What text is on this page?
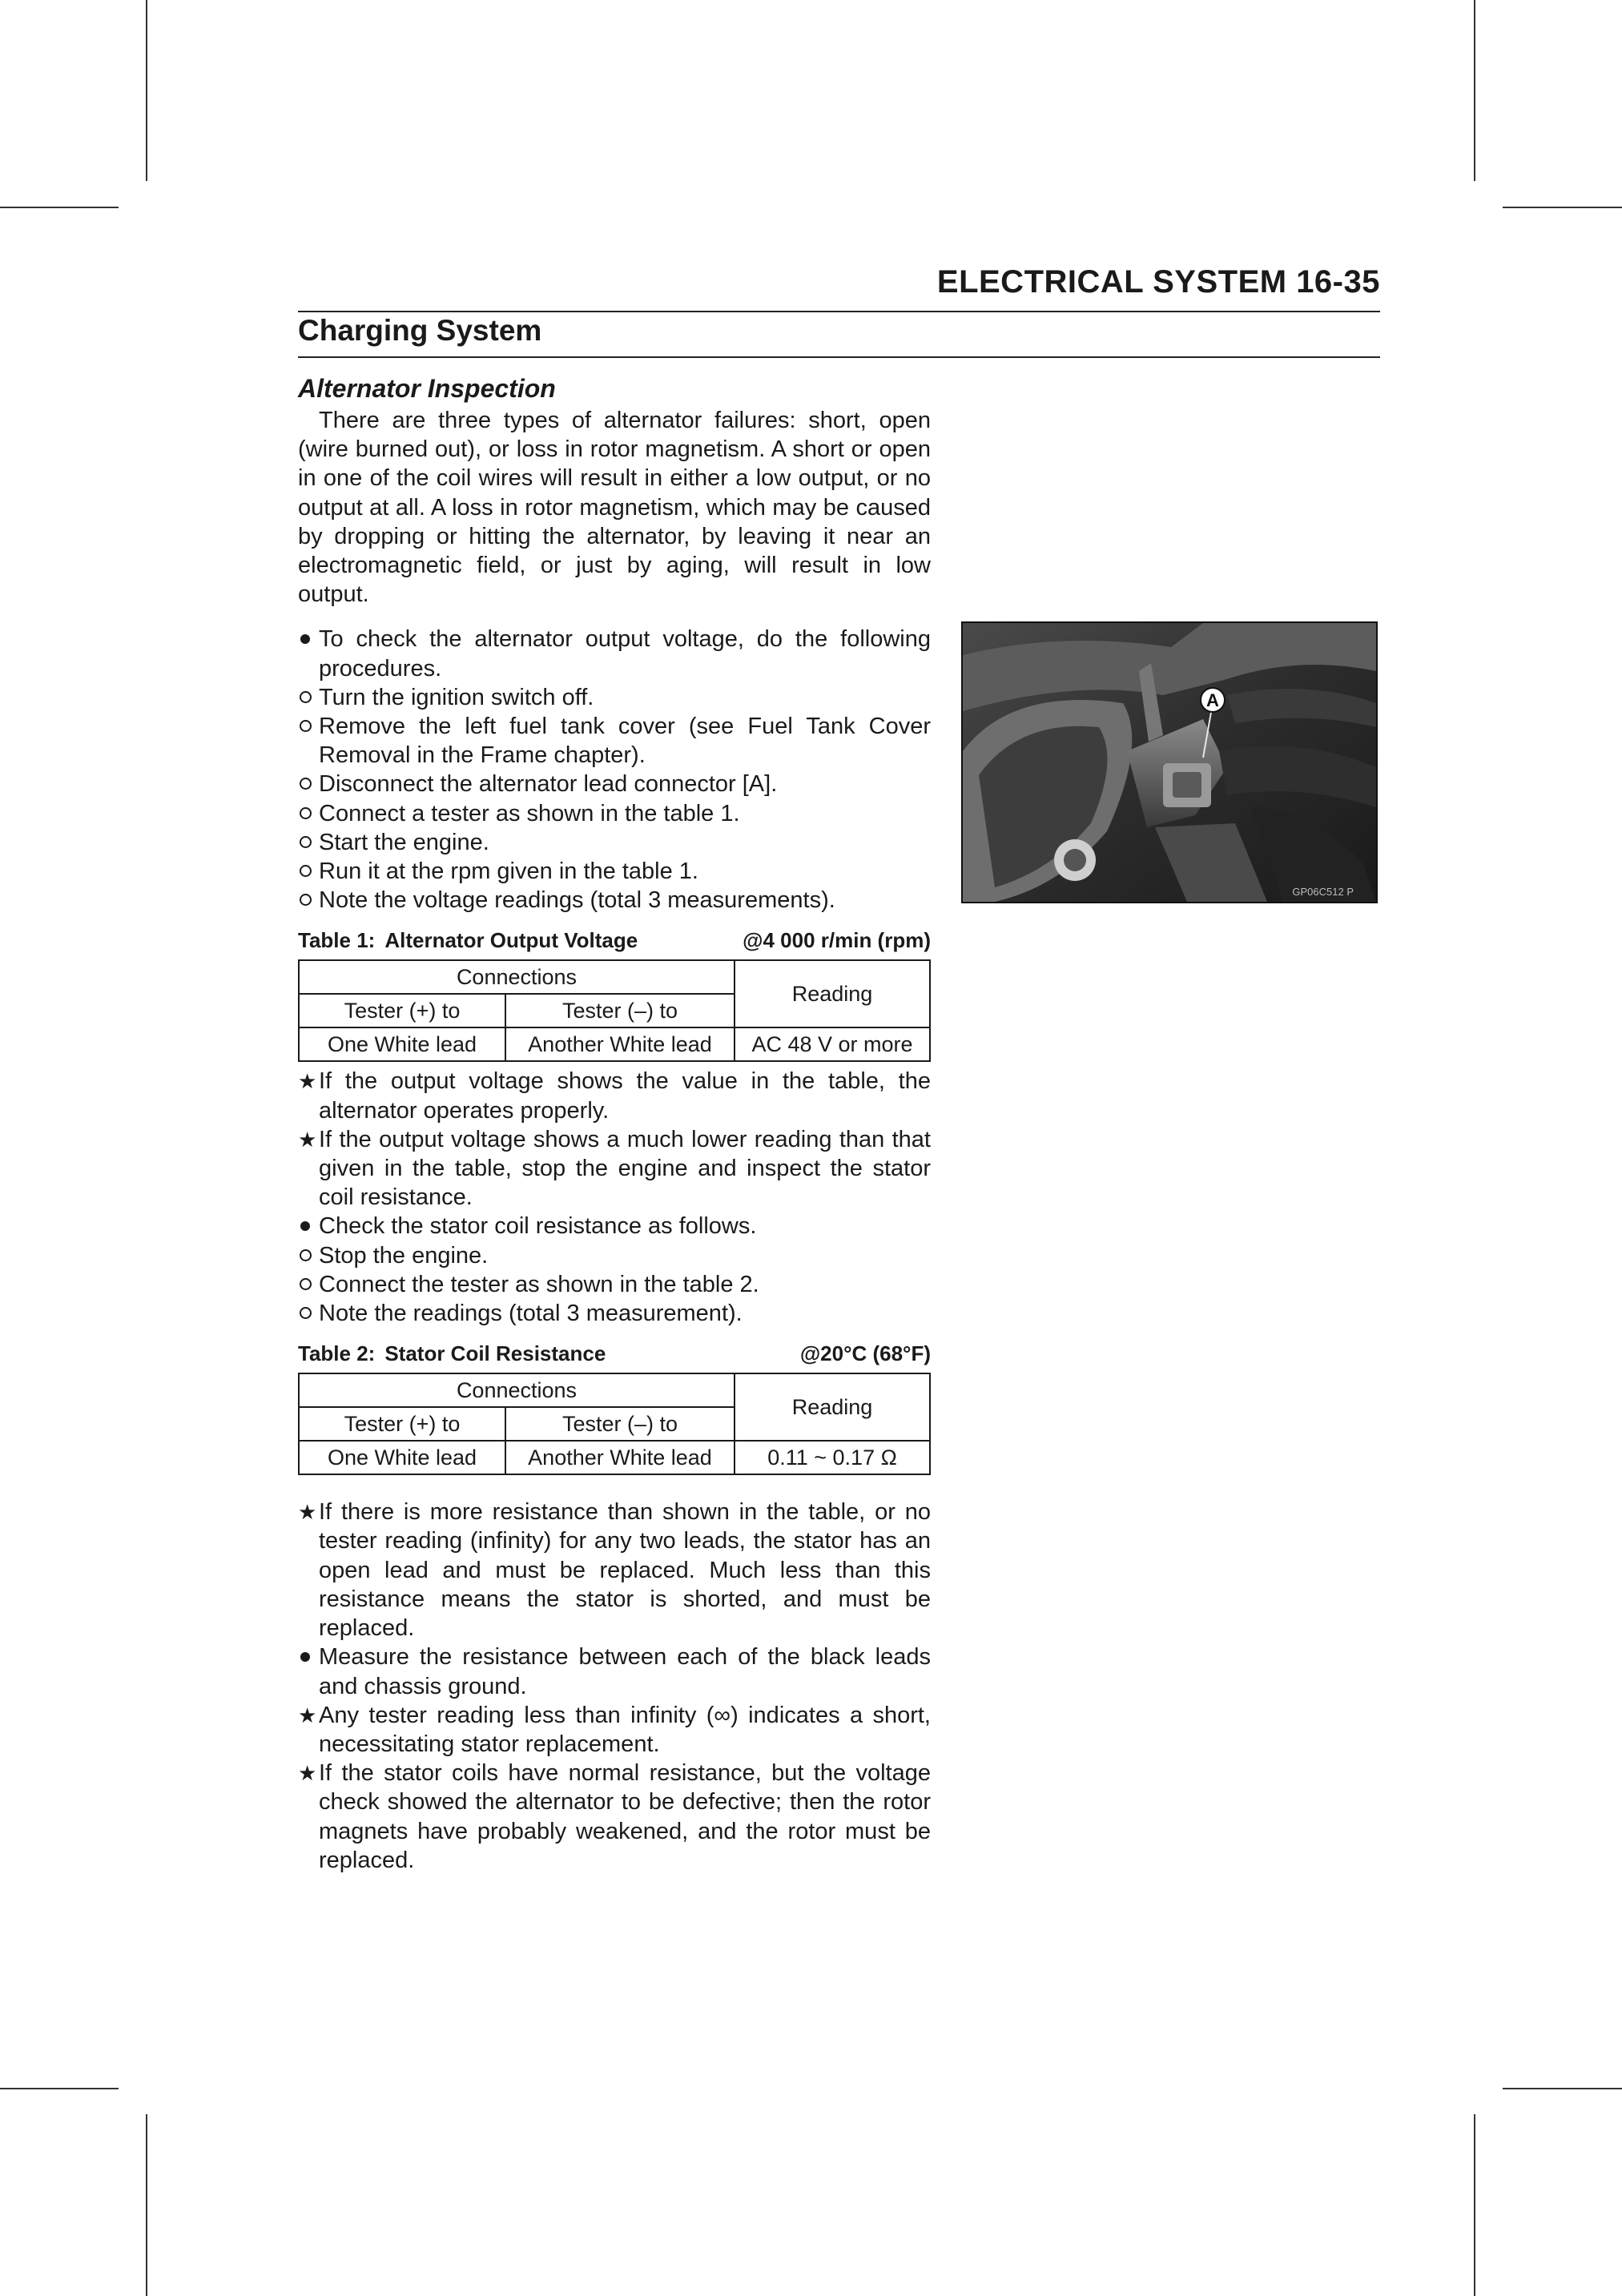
ELECTRICAL SYSTEM 16-35
Charging System
Alternator Inspection

There are three types of alternator failures: short, open (wire burned out), or loss in rotor magnetism. A short or open in one of the coil wires will result in either a low output, or no output at all. A loss in rotor magnetism, which may be caused by dropping or hitting the alternator, by leaving it near an electromagnetic field, or just by aging, will result in low output.

To check the alternator output voltage, do the following procedures.
Turn the ignition switch off.
Remove the left fuel tank cover (see Fuel Tank Cover Removal in the Frame chapter).
Disconnect the alternator lead connector [A].
Connect a tester as shown in the table 1.
Start the engine.
Run it at the rpm given in the table 1.
Note the voltage readings (total 3 measurements).
Table 1: Alternator Output Voltage	@4 000 r/min (rpm)
Connections		Reading
Tester (+) to	Tester (–) to	
One White lead	Another White lead	AC 48 V or more
★ If the output voltage shows the value in the table, the alternator operates properly.
★ If the output voltage shows a much lower reading than that given in the table, stop the engine and inspect the stator coil resistance.
Check the stator coil resistance as follows.
Stop the engine.
Connect the tester as shown in the table 2.
Note the readings (total 3 measurement).
Table 2: Stator Coil Resistance	@20°C (68°F)
Connections		Reading
Tester (+) to	Tester (–) to	
One White lead	Another White lead	0.11 ~ 0.17 Ω
★ If there is more resistance than shown in the table, or no tester reading (infinity) for any two leads, the stator has an open lead and must be replaced. Much less than this resistance means the stator is shorted, and must be replaced.
Measure the resistance between each of the black leads and chassis ground.
★ Any tester reading less than infinity (∞) indicates a short, necessitating stator replacement.
★ If the stator coils have normal resistance, but the voltage check showed the alternator to be defective; then the rotor magnets have probably weakened, and the rotor must be replaced.
A
GP06C512 P
